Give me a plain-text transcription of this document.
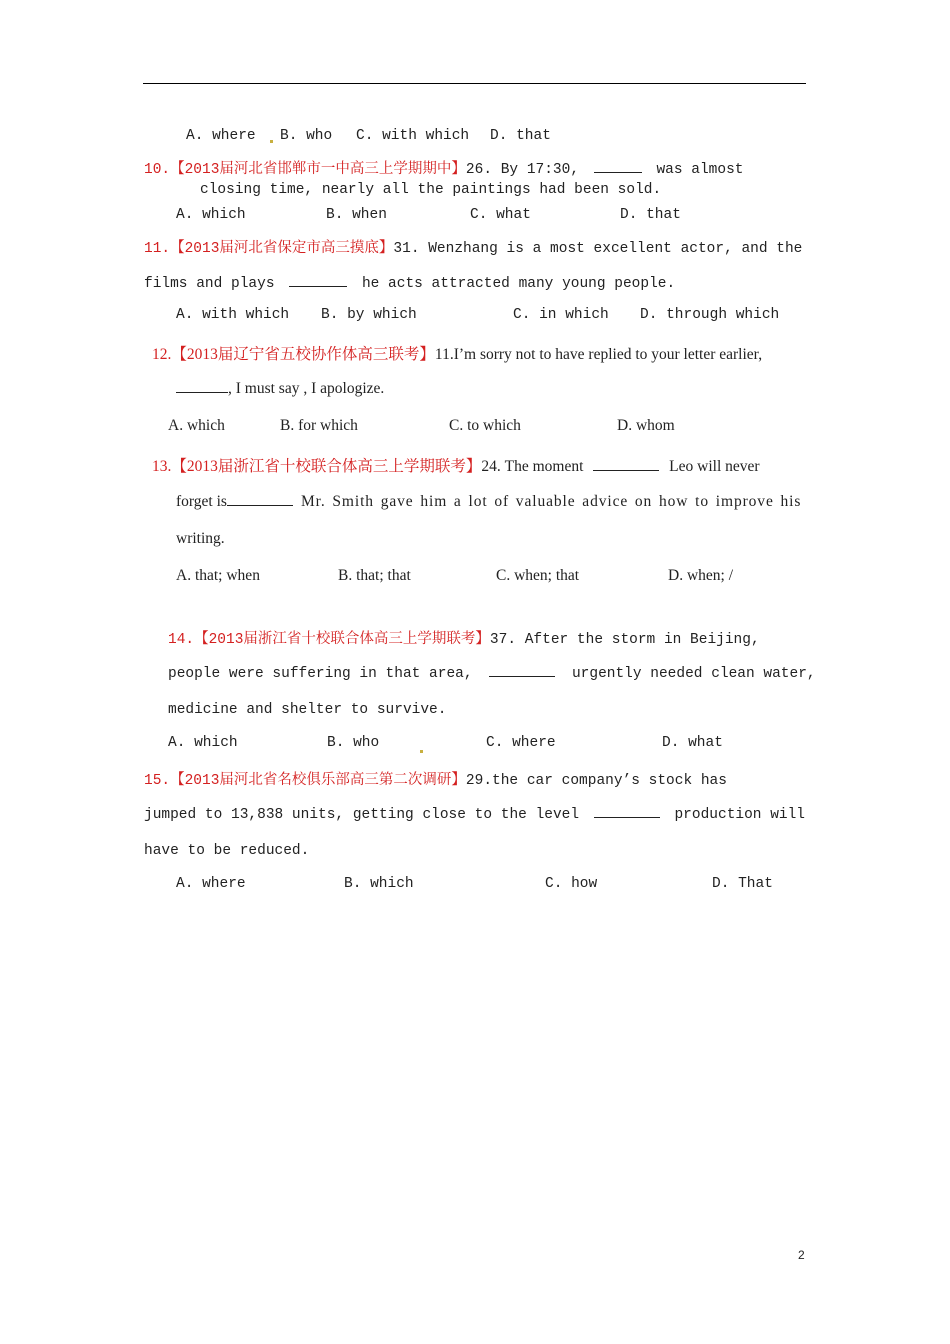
A. where B. who C. with which D. that
10.【2013届河北省邯郸市一中高三上学期期中】26. By 17:30,	was almost
closing time, nearly all the paintings had been sold.
A. which	B. when	C. what	D. that
11.【2013届河北省保定市高三摸底】31. Wenzhang is a most excellent actor, and the
films and plays	he acts attracted many young people.
A. with which B. by which	C. in which D. through which
12.【2013届辽宁省五校协作体高三联考】11.I’m sorry not to have replied to your letter earlier,
, I must say , I apologize.
A. which	B. for which	C. to which	D. whom
13.【2013届浙江省十校联合体高三上学期联考】24. The moment	Leo will never
forget is	Mr. Smith gave him a lot of valuable advice on how to improve his
writing.
A. that; when	B. that; that	C. when; that	D. when; /
14.【2013届浙江省十校联合体高三上学期联考】37. After the storm in Beijing,
people were suffering in that area,	urgently needed clean water,
medicine and shelter to survive.
A. which	B. who	C. where	D. what
15.【2013届河北省名校俱乐部高三第二次调研】29.the car company’s stock has
jumped to 13,838 units, getting close to the level	production will
have to be reduced.
A. where	B. which	C. how	D. That
2
